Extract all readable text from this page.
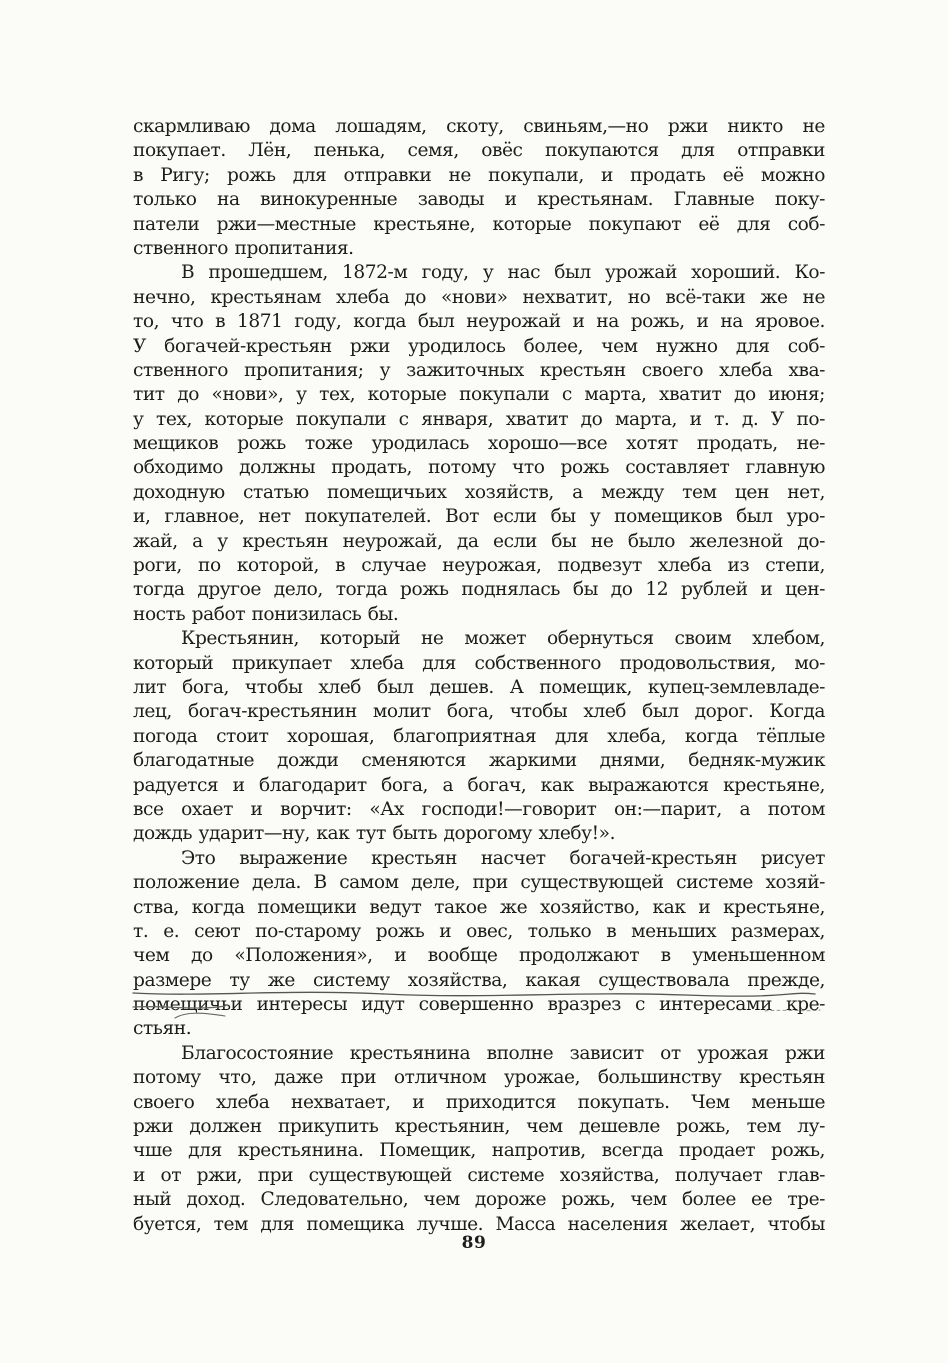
скармливаю дома лошадям, скоту, свиньям,—но ржи никто не
покупает. Лён, пенька, семя, овёс покупаются для отправки
в Ригу; рожь для отправки не покупали, и продать её можно
только на винокуренные заводы и крестьянам. Главные поку-
патели ржи—местные крестьяне, которые покупают её для соб-
ственного пропитания.
В прошедшем, 1872-м году, у нас был урожай хороший. Ко-
нечно, крестьянам хлеба до «нови» нехватит, но всё-таки же не
то, что в 1871 году, когда был неурожай и на рожь, и на яровое.
У богачей-крестьян ржи уродилось более, чем нужно для соб-
ственного пропитания; у зажиточных крестьян своего хлеба хва-
тит до «нови», у тех, которые покупали с марта, хватит до июня;
у тех, которые покупали с января, хватит до марта, и т. д. У по-
мещиков рожь тоже уродилась хорошо—все хотят продать, не-
обходимо должны продать, потому что рожь составляет главную
доходную статью помещичьих хозяйств, а между тем цен нет,
и, главное, нет покупателей. Вот если бы у помещиков был уро-
жай, а у крестьян неурожай, да если бы не было железной до-
роги, по которой, в случае неурожая, подвезут хлеба из степи,
тогда другое дело, тогда рожь поднялась бы до 12 рублей и цен-
ность работ понизилась бы.
Крестьянин, который не может обернуться своим хлебом,
который прикупает хлеба для собственного продовольствия, мо-
лит бога, чтобы хлеб был дешев. А помещик, купец-землевладе-
лец, богач-крестьянин молит бога, чтобы хлеб был дорог. Когда
погода стоит хорошая, благоприятная для хлеба, когда тёплые
благодатные дожди сменяются жаркими днями, бедняк-мужик
радуется и благодарит бога, а богач, как выражаются крестьяне,
все охает и ворчит: «Ах господи!—говорит он:—парит, а потом
дождь ударит—ну, как тут быть дорогому хлебу!».
Это выражение крестьян насчет богачей-крестьян рисует
положение дела. В самом деле, при существующей системе хозяй-
ства, когда помещики ведут такое же хозяйство, как и крестьяне,
т. е. сеют по-старому рожь и овес, только в меньших размерах,
чем до «Положения», и вообще продолжают в уменьшенном
размере ту же систему хозяйства, какая существовала прежде,
помещичьи интересы идут совершенно вразрез с интересами кре-
стьян.
Благосостояние крестьянина вполне зависит от урожая ржи
потому что, даже при отличном урожае, большинству крестьян
своего хлеба нехватает, и приходится покупать. Чем меньше
ржи должен прикупить крестьянин, чем дешевле рожь, тем лу-
чше для крестьянина. Помещик, напротив, всегда продает рожь,
и от ржи, при существующей системе хозяйства, получает глав-
ный доход. Следовательно, чем дороже рожь, чем более ее тре-
буется, тем для помещика лучше. Масса населения желает, чтобы
89
